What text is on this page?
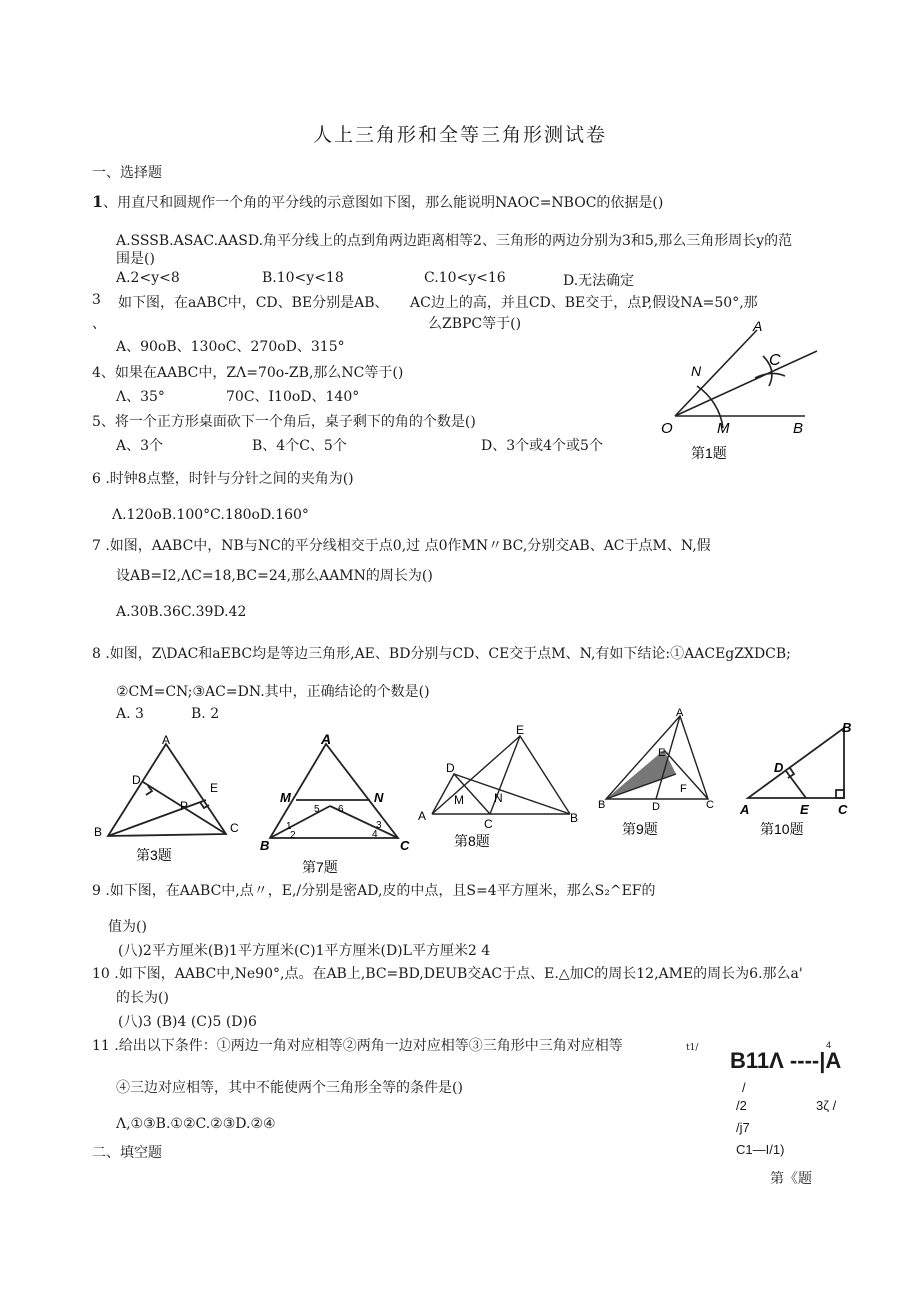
人上三角形和全等三角形测试卷
一、选择题
1、用直尺和圆规作一个角的平分线的示意图如下图，那么能说明NAOC=NBOC的依据是()
A.SSSB.ASAC.AASD.角平分线上的点到角两边距离相等2、三角形的两边分别为3和5,那么三角形周长y的范
围是()
A.2<y<8	B.10<y<18	C.10<y<16	D.无法确定
3
、
如下图，在aABC中，CD、BE分别是AB、 AC边上的高，并且CD、BE交于，点P,假设NA=50°,那
么ZBPC等于()
A、90oB、130oC、270oD、315°
4、如果在AABC中，ZΛ=70o-ZB,那么NC等于()
Λ、35°	70C、I10oD、140°
5、将一个正方形桌面砍下一个角后，桌子剩下的角的个数是()
A、3个	B、4个C、5个	D、3个或4个或5个
6 .时钟8点整，时针与分针之间的夹角为()
Λ.120oB.100°C.180oD.160°
7 .如图，AABC中，NB与NC的平分线相交于点0,过 点0作MN〃BC,分别交AB、AC于点M、N,假
设AB=I2,ΛC=18,BC=24,那么AAMN的周长为()
A.30B.36C.39D.42
8 .如图，Z\DAC和aEBC均是等边三角形,AE、BD分别与CD、CE交于点M、N,有如下结论:①AACEgZXDCB;
②CM=CN;③AC=DN.其中，正确结论的个数是()
A. 3	B. 2
A
N
C
O	M	B
第1题
A
D
E
P
B	C
第3题
A
M	N
B	C
1
2
3
4
5 6
第7题
D
E
A
M	N
C	B
第8题
A
E
F
B	D	C
第9题
B
D
A	E C
第10题
9 .如下图，在AABC中,点〃，E,/分别是密AD,皮的中点，且S=4平方厘米，那么S₂^EF的
值为()
(八)2平方厘米(B)1平方厘米(C)1平方厘米(D)L平方厘米2 4
10 .如下图，AABC中,Ne90°,点。在AB上,BC=BD,DEUB交AC于点、E.△加C的周长12,AME的周长为6.那么a'
的长为()
(八)3 (B)4 (C)5 (D)6
11 .给出以下条件：①两边一角对应相等②两角一边对应相等③三角形中三角对应相等	t1/
④三边对应相等，其中不能使两个三角形全等的条件是()
Λ,①③B.①②C.②③D.②④
二、填空题
4
B11Λ ----|A
/
/2	3ζ /
/j7
C1—I/1)
第《题
